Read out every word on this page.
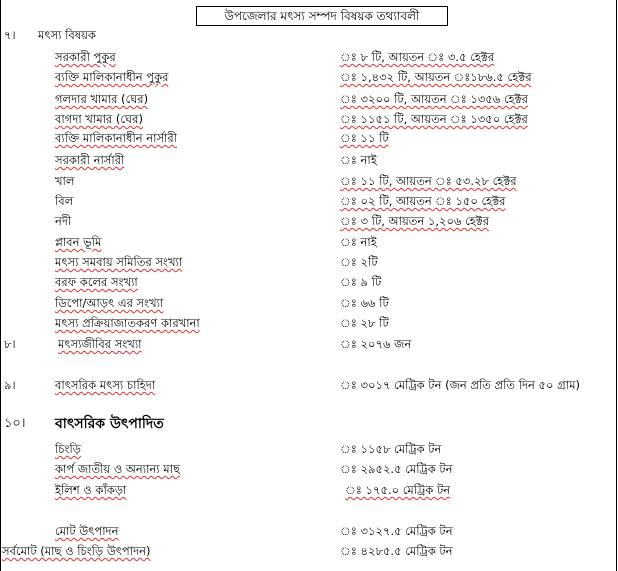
উপজেলার মৎস্য সম্পদ বিষয়ক তথ্যাবলী
৭। মৎস্য বিষয়ক
সরকারী পুকুর	ঃ ৮ টি, আয়তন ঃ ৩.৫ হেক্টর
ব্যক্তি মালিকানাধীন পুকুর	ঃ ১,৪৩২ টি, আয়তন ঃ১৮৬.৫ হেক্টর
গলদার খামার (ঘের)	ঃ ৩২০০ টি, আয়তন ঃ ১৩৫৬ হেক্টর
বাগদা খামার (ঘের)	ঃ ১১৫১ টি, আয়তন ঃ ১৩৫০ হেক্টর
ব্যক্তি মালিকানাধীন নার্সারী	ঃ ১১ টি
সরকারী নার্সারী	ঃ নাই
খাল	ঃ ১১ টি, আয়তন ঃ ৫৩.২৮ হেক্টর
বিল	ঃ ০২ টি, আয়তন ঃ ১৫০ হেক্টর
নদী	ঃ ৩ টি, আয়তন ১,২০৬ হেক্টর
প্লাবন ভূমি	ঃ নাই
মৎস্য সমবায় সমিতির সংখ্যা	ঃ ২টি
বরফ কলের সংখ্যা	ঃ ৯ টি
ডিপো/আড়ৎ এর সংখ্যা	ঃ ৬৬ টি
মৎস্য প্রক্রিয়াজাতকরণ কারখানা	ঃ ২৮ টি
৮।	মৎস্যজীবির সংখ্যা	ঃ ২০৭৬ জন
৯।	বাৎসরিক মৎস্য চাহিদা	ঃ ৩০১৭ মেট্রিক টন (জন প্রতি প্রতি দিন ৫০ গ্রাম)
১০। বাৎসরিক উৎপাদিত
চিংড়ি	ঃ ১১৫৮ মেট্রিক টন
কার্প জাতীয় ও অন্যান্য মাছ	ঃ ২৯৫২.৫ মেট্রিক টন
ইলিশ ও কাঁকড়া	ঃ ১৭৫.০ মেট্রিক টন
মোট উৎপাদন	ঃ ৩১২৭.৫ মেট্রিক টন
সর্বমোট (মাছ ও চিংড়ি উৎপাদন)	ঃ ৪২৮৫.৫ মেট্রিক টন
